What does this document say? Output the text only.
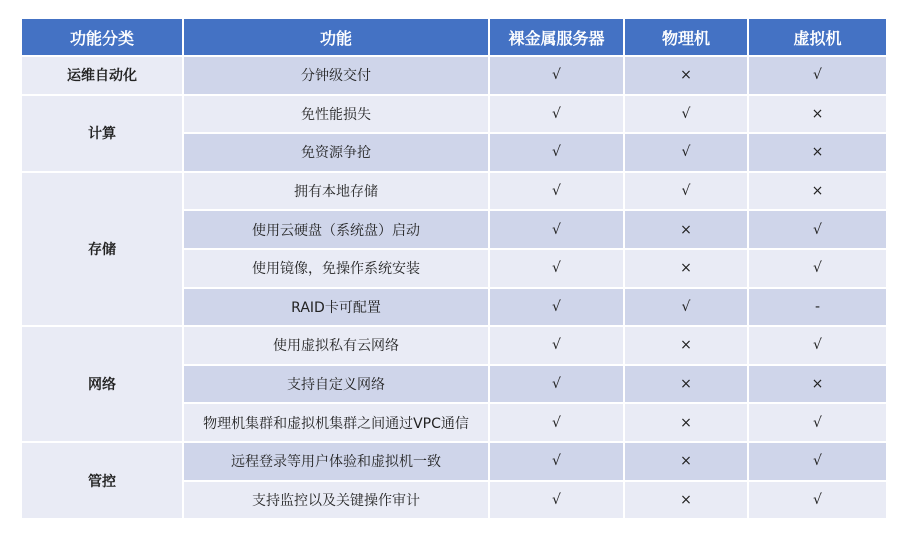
功能分类	功能	裸金属服务器	物理机	虚拟机
运维自动化	分钟级交付	√	×	√
计算	免性能损失	√	√	×
	免资源争抢	√	√	×
存储	拥有本地存储	√	√	×
	使用云硬盘（系统盘）启动	√	×	√
	使用镜像，免操作系统安装	√	×	√
	RAID卡可配置	√	√	-
网络	使用虚拟私有云网络	√	×	√
	支持自定义网络	√	×	×
	物理机集群和虚拟机集群之间通过VPC通信	√	×	√
管控	远程登录等用户体验和虚拟机一致	√	×	√
	支持监控以及关键操作审计	√	×	√
